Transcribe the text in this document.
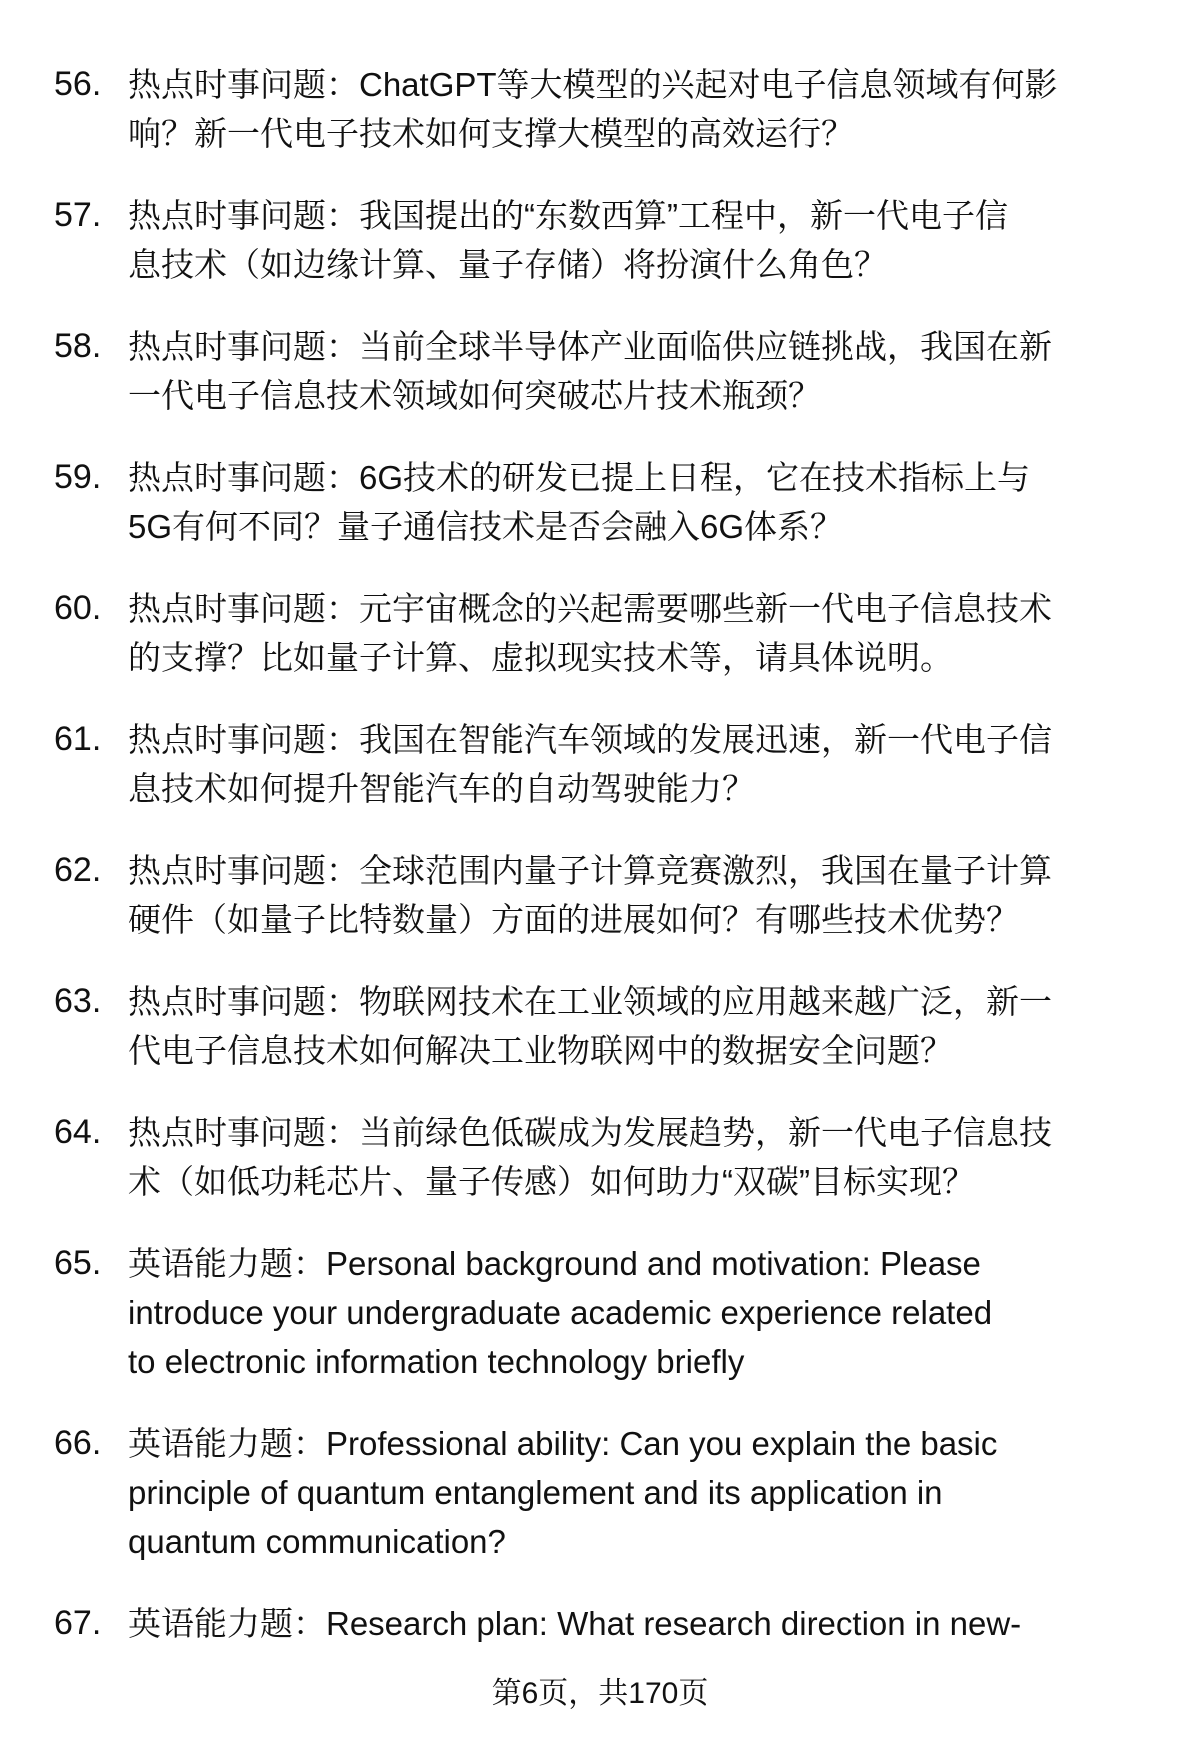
56. 热点时事问题：ChatGPT等大模型的兴起对电子信息领域有何影
响？新一代电子技术如何支撑大模型的高效运行？
57. 热点时事问题：我国提出的“东数西算”工程中，新一代电子信
息技术（如边缘计算、量子存储）将扮演什么角色？
58. 热点时事问题：当前全球半导体产业面临供应链挑战，我国在新
一代电子信息技术领域如何突破芯片技术瓶颈？
59. 热点时事问题：6G技术的研发已提上日程，它在技术指标上与
5G有何不同？量子通信技术是否会融入6G体系？
60. 热点时事问题：元宇宙概念的兴起需要哪些新一代电子信息技术
的支撑？比如量子计算、虚拟现实技术等，请具体说明。
61. 热点时事问题：我国在智能汽车领域的发展迅速，新一代电子信
息技术如何提升智能汽车的自动驾驶能力？
62. 热点时事问题：全球范围内量子计算竞赛激烈，我国在量子计算
硬件（如量子比特数量）方面的进展如何？有哪些技术优势？
63. 热点时事问题：物联网技术在工业领域的应用越来越广泛，新一
代电子信息技术如何解决工业物联网中的数据安全问题？
64. 热点时事问题：当前绿色低碳成为发展趋势，新一代电子信息技
术（如低功耗芯片、量子传感）如何助力“双碳”目标实现？
65. 英语能力题：Personal background and motivation: Please
introduce your undergraduate academic experience related
to electronic information technology briefly
66. 英语能力题：Professional ability: Can you explain the basic
principle of quantum entanglement and its application in
quantum communication?
67. 英语能力题：Research plan: What research direction in new-
第6页，共170页
